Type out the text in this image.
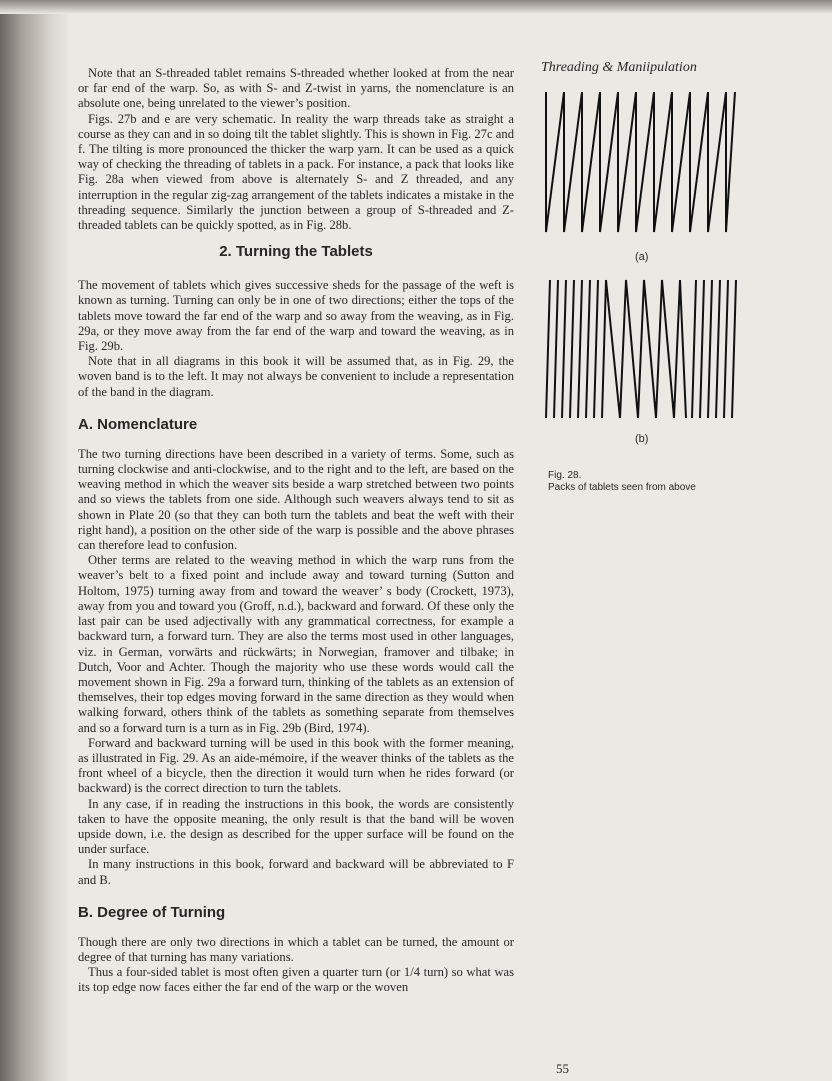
Note that an S-threaded tablet remains S-threaded whether looked at from the near or far end of the warp. So, as with S- and Z-twist in yarns, the nomenclature is an absolute one, being unrelated to the viewer’s position.

Figs. 27b and e are very schematic. In reality the warp threads take as straight a course as they can and in so doing tilt the tablet slightly. This is shown in Fig. 27c and f. The tilting is more pronounced the thicker the warp yarn. It can be used as a quick way of checking the threading of tablets in a pack. For instance, a pack that looks like Fig. 28a when viewed from above is alternately S- and Z threaded, and any interruption in the regular zig-zag arrangement of the tablets indicates a mistake in the threading sequence. Similarly the junction between a group of S-threaded and Z-threaded tablets can be quickly spotted, as in Fig. 28b.

2. Turning the Tablets

The movement of tablets which gives successive sheds for the passage of the weft is known as turning. Turning can only be in one of two directions; either the tops of the tablets move toward the far end of the warp and so away from the weaving, as in Fig. 29a, or they move away from the far end of the warp and toward the weaving, as in Fig. 29b.

Note that in all diagrams in this book it will be assumed that, as in Fig. 29, the woven band is to the left. It may not always be convenient to include a representation of the band in the diagram.

A. Nomenclature

The two turning directions have been described in a variety of terms. Some, such as turning clockwise and anti-clockwise, and to the right and to the left, are based on the weaving method in which the weaver sits beside a warp stretched between two points and so views the tablets from one side. Although such weavers always tend to sit as shown in Plate 20 (so that they can both turn the tablets and beat the weft with their right hand), a position on the other side of the warp is possible and the above phrases can therefore lead to confusion.

Other terms are related to the weaving method in which the warp runs from the weaver’s belt to a fixed point and include away and toward turning (Sutton and Holtom, 1975) turning away from and toward the weaver’ s body (Crockett, 1973), away from you and toward you (Groff, n.d.), backward and forward. Of these only the last pair can be used adjectivally with any grammatical correctness, for example a backward turn, a forward turn. They are also the terms most used in other languages, viz. in German, vorwärts and rückwärts; in Norwegian, framover and tilbake; in Dutch, Voor and Achter. Though the majority who use these words would call the movement shown in Fig. 29a a forward turn, thinking of the tablets as an extension of themselves, their top edges moving forward in the same direction as they would when walking forward, others think of the tablets as something separate from themselves and so a forward turn is a turn as in Fig. 29b (Bird, 1974).

Forward and backward turning will be used in this book with the former meaning, as illustrated in Fig. 29. As an aide-mémoire, if the weaver thinks of the tablets as the front wheel of a bicycle, then the direction it would turn when he rides forward (or backward) is the correct direction to turn the tablets.

In any case, if in reading the instructions in this book, the words are consistently taken to have the opposite meaning, the only result is that the band will be woven upside down, i.e. the design as described for the upper surface will be found on the under surface.

In many instructions in this book, forward and backward will be abbreviated to F and B.

B. Degree of Turning

Though there are only two directions in which a tablet can be turned, the amount or degree of that turning has many variations.

Thus a four-sided tablet is most often given a quarter turn (or 1/4 turn) so what was its top edge now faces either the far end of the warp or the woven

Threading & Maniipulation
(a)
(b)
Fig. 28.
Packs of tablets seen from above
55
